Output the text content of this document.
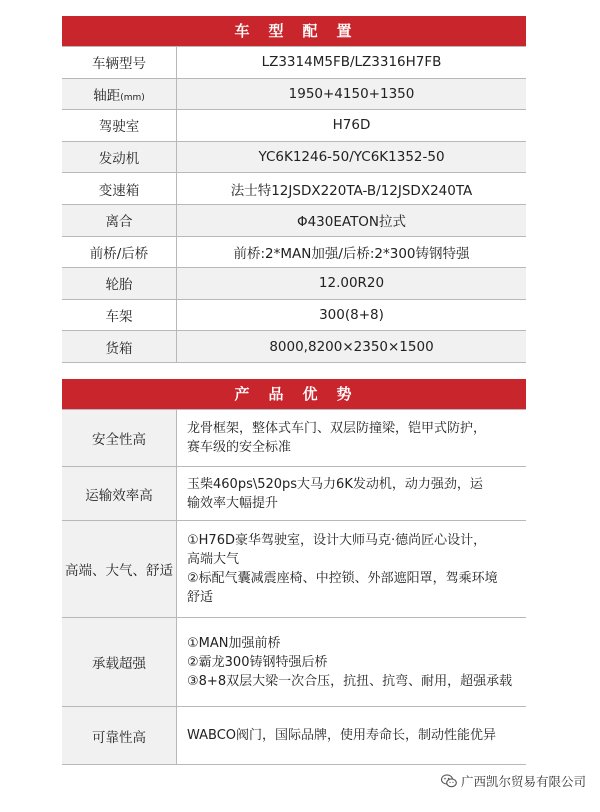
车　型　配　置
车辆型号	LZ3314M5FB/LZ3316H7FB
轴距(mm)	1950+4150+1350
驾驶室	H76D
发动机	YC6K1246-50/YC6K1352-50
变速箱	法士特12JSDX220TA-B/12JSDX240TA
离合	Φ430EATON拉式
前桥/后桥	前桥:2*MAN加强/后桥:2*300铸钢特强
轮胎	12.00R20
车架	300(8+8)
货箱	8000,8200×2350×1500
产　品　优　势
安全性高	龙骨框架，整体式车门、双层防撞梁，铠甲式防护，
赛车级的安全标准

运输效率高	玉柴460ps\520ps大马力6K发动机，动力强劲，运
输效率大幅提升

高端、大气、舒适	①H76D豪华驾驶室，设计大师马克·德尚匠心设计，
高端大气
②标配气囊减震座椅、中控锁、外部遮阳罩，驾乘环境
舒适

承载超强	①MAN加强前桥
②霸龙300铸钢特强后桥
③8+8双层大梁一次合压，抗扭、抗弯、耐用，超强承载

可靠性高	WABCO阀门，国际品牌，使用寿命长，制动性能优异
广西凯尔贸易有限公司
